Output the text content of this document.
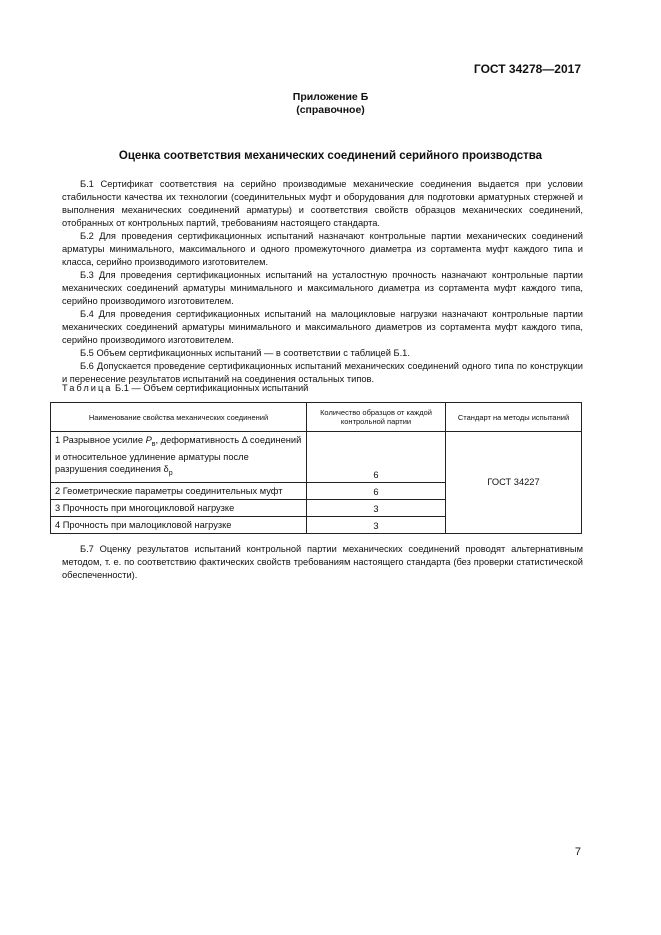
ГОСТ 34278—2017
Приложение Б
(справочное)
Оценка соответствия механических соединений серийного производства

Б.1 Сертификат соответствия на серийно производимые механические соединения выдается при условии стабильности качества их технологии (соединительных муфт и оборудования для подготовки арматурных стержней и выполнения механических соединений арматуры) и соответствия свойств образцов механических соединений, отобранных от контрольных партий, требованиям настоящего стандарта.

Б.2 Для проведения сертификационных испытаний назначают контрольные партии механических соединений арматуры минимального, максимального и одного промежуточного диаметра из сортамента муфт каждого типа и класса, серийно производимого изготовителем.

Б.3 Для проведения сертификационных испытаний на усталостную прочность назначают контрольные партии механических соединений арматуры минимального и максимального диаметра из сортамента муфт каждого типа, серийно производимого изготовителем.

Б.4 Для проведения сертификационных испытаний на малоцикловые нагрузки назначают контрольные партии механических соединений арматуры минимального и максимального диаметров из сортамента муфт каждого типа, серийно производимого изготовителем.

Б.5 Объем сертификационных испытаний — в соответствии с таблицей Б.1.

Б.6 Допускается проведение сертификационных испытаний механических соединений одного типа по конструкции и перенесение результатов испытаний на соединения остальных типов.

Таблица Б.1 — Объем сертификационных испытаний
Наименование свойства механических соединений	Количество образцов от каждой контрольной партии	Стандарт на методы испытаний
1 Разрывное усилие $P_в$, деформативность Δ соединений и относительное удлинение арматуры после разрушения соединения $\delta_р$	6	ГОСТ 34227
2 Геометрические параметры соединительных муфт	6	
3 Прочность при многоцикловой нагрузке	3	
4 Прочность при малоцикловой нагрузке	3	

Б.7 Оценку результатов испытаний контрольной партии механических соединений проводят альтернативным методом, т. е. по соответствию фактических свойств требованиям настоящего стандарта (без проверки статистической обеспеченности).

7
